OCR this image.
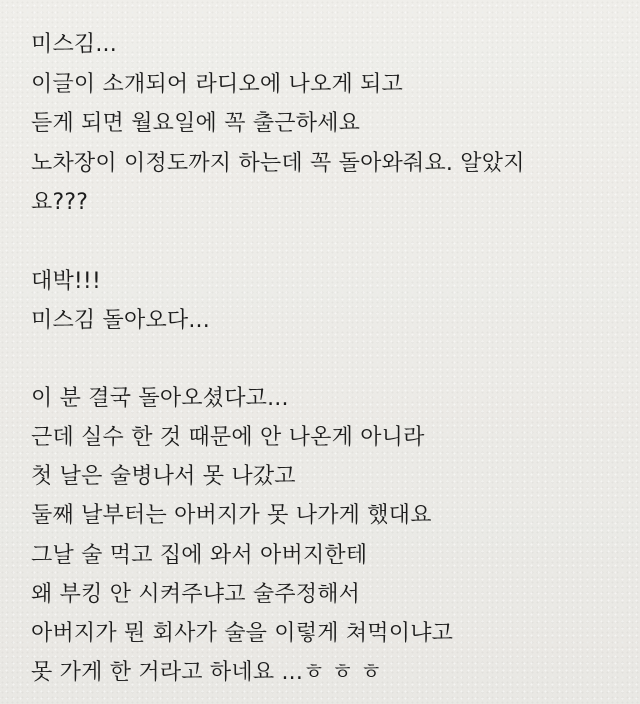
미스김...
이글이 소개되어 라디오에 나오게 되고
듣게 되면 월요일에 꼭 출근하세요
노차장이 이정도까지 하는데 꼭 돌아와줘요. 알았지
요???
대박!!!
미스김 돌아오다...
이 분 결국 돌아오셨다고...
근데 실수 한 것 때문에 안 나온게 아니라
첫 날은 술병나서 못 나갔고
둘째 날부터는 아버지가 못 나가게 했대요
그날 술 먹고 집에 와서 아버지한테
왜 부킹 안 시켜주냐고 술주정해서
아버지가 뭔 회사가 술을 이렇게 쳐먹이냐고
못 가게 한 거라고 하네요 ...ㅎ ㅎ ㅎ
